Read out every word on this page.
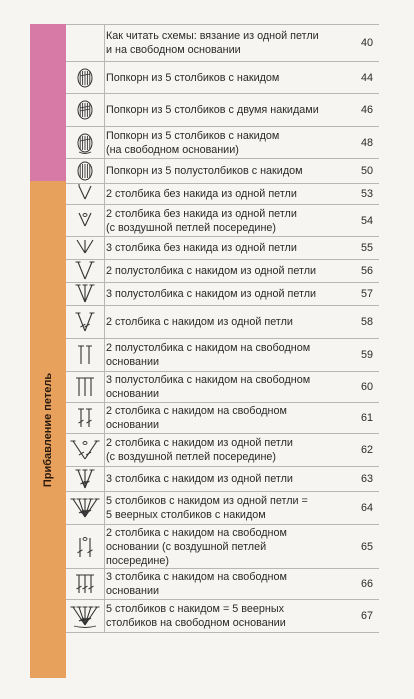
Прибавление петель
Как читать схемы: вязание из одной петли
и на свободном основании
40
Попкорн из 5 столбиков с накидом	44
Попкорн из 5 столбиков с двумя накидами	46
Попкорн из 5 столбиков с накидом
(на свободном основании)
48
Попкорн из 5 полустолбиков с накидом	50
2 столбика без накида из одной петли	53
2 столбика без накида из одной петли
(с воздушной петлей посередине)
54
3 столбика без накида из одной петли	55
2 полустолбика с накидом из одной петли	56
3 полустолбика с накидом из одной петли	57
2 столбика с накидом из одной петли	58
2 полустолбика с накидом на свободном
основании
59
3 полустолбика с накидом на свободном
основании
60
2 столбика с накидом на свободном
основании
61
2 столбика с накидом из одной петли
(с воздушной петлей посередине)
62
3 столбика с накидом из одной петли	63
5 столбиков с накидом из одной петли =
5 веерных столбиков с накидом
64
2 столбика с накидом на свободном
основании (с воздушной петлей
посередине)
65
3 столбика с накидом на свободном
основании
66
5 столбиков с накидом = 5 веерных
столбиков на свободном основании
67
